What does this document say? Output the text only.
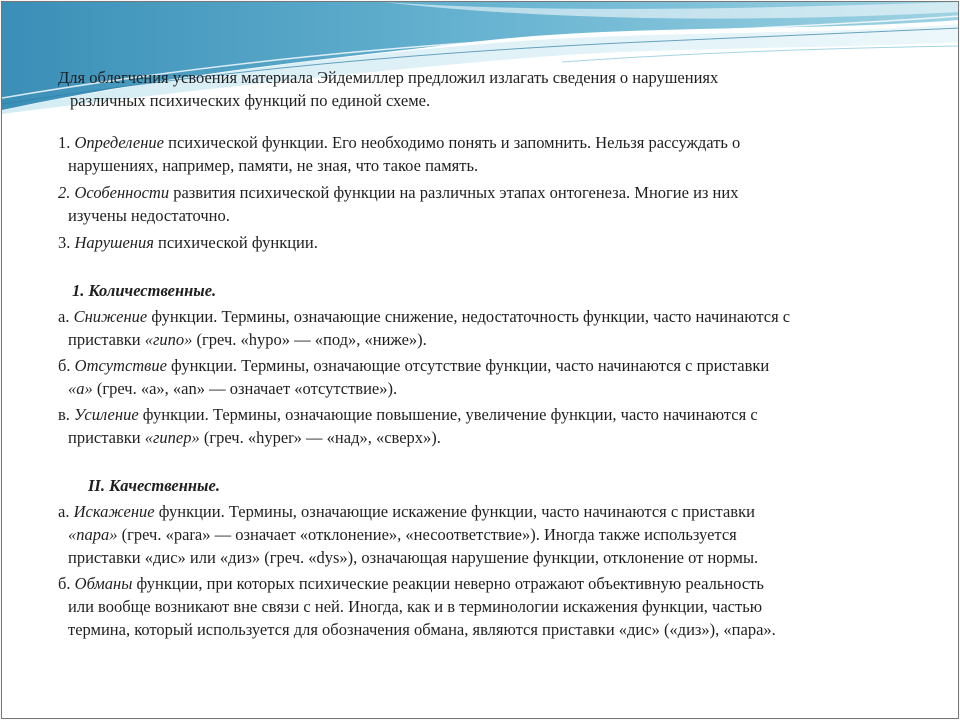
Для облегчения усвоения материала Эйдемиллер предложил излагать сведения о нарушениях
различных психических функций по единой схеме.

1. Определение психической функции. Его необходимо понять и запомнить. Нельзя рассуждать о
нарушениях, например, памяти, не зная, что такое память.

2. Особенности развития психической функции на различных этапах онтогенеза. Многие из них
изучены недостаточно.

3. Нарушения психической функции.

1. Количественные.

а. Снижение функции. Термины, означающие снижение, недостаточность функции, часто начинаются с
приставки «гипо» (греч. «hypo» — «под», «ниже»).

б. Отсутствие функции. Термины, означающие отсутствие функции, часто начинаются с приставки
«а» (греч. «а», «an» — означает «отсутствие»).

в. Усиление функции. Термины, означающие повышение, увеличение функции, часто начинаются с
приставки «гипер» (греч. «hyper» — «над», «сверх»).

II. Качественные.

а. Искажение функции. Термины, означающие искажение функции, часто начинаются с приставки
«пара» (греч. «para» — означает «отклонение», «несоответствие»). Иногда также используется
приставки «дис» или «диз» (греч. «dys»), означающая нарушение функции, отклонение от нормы.

б. Обманы функции, при которых психические реакции неверно отражают объективную реальность
или вообще возникают вне связи с ней. Иногда, как и в терминологии искажения функции, частью
термина, который используется для обозначения обмана, являются приставки «дис» («диз»), «пара».
